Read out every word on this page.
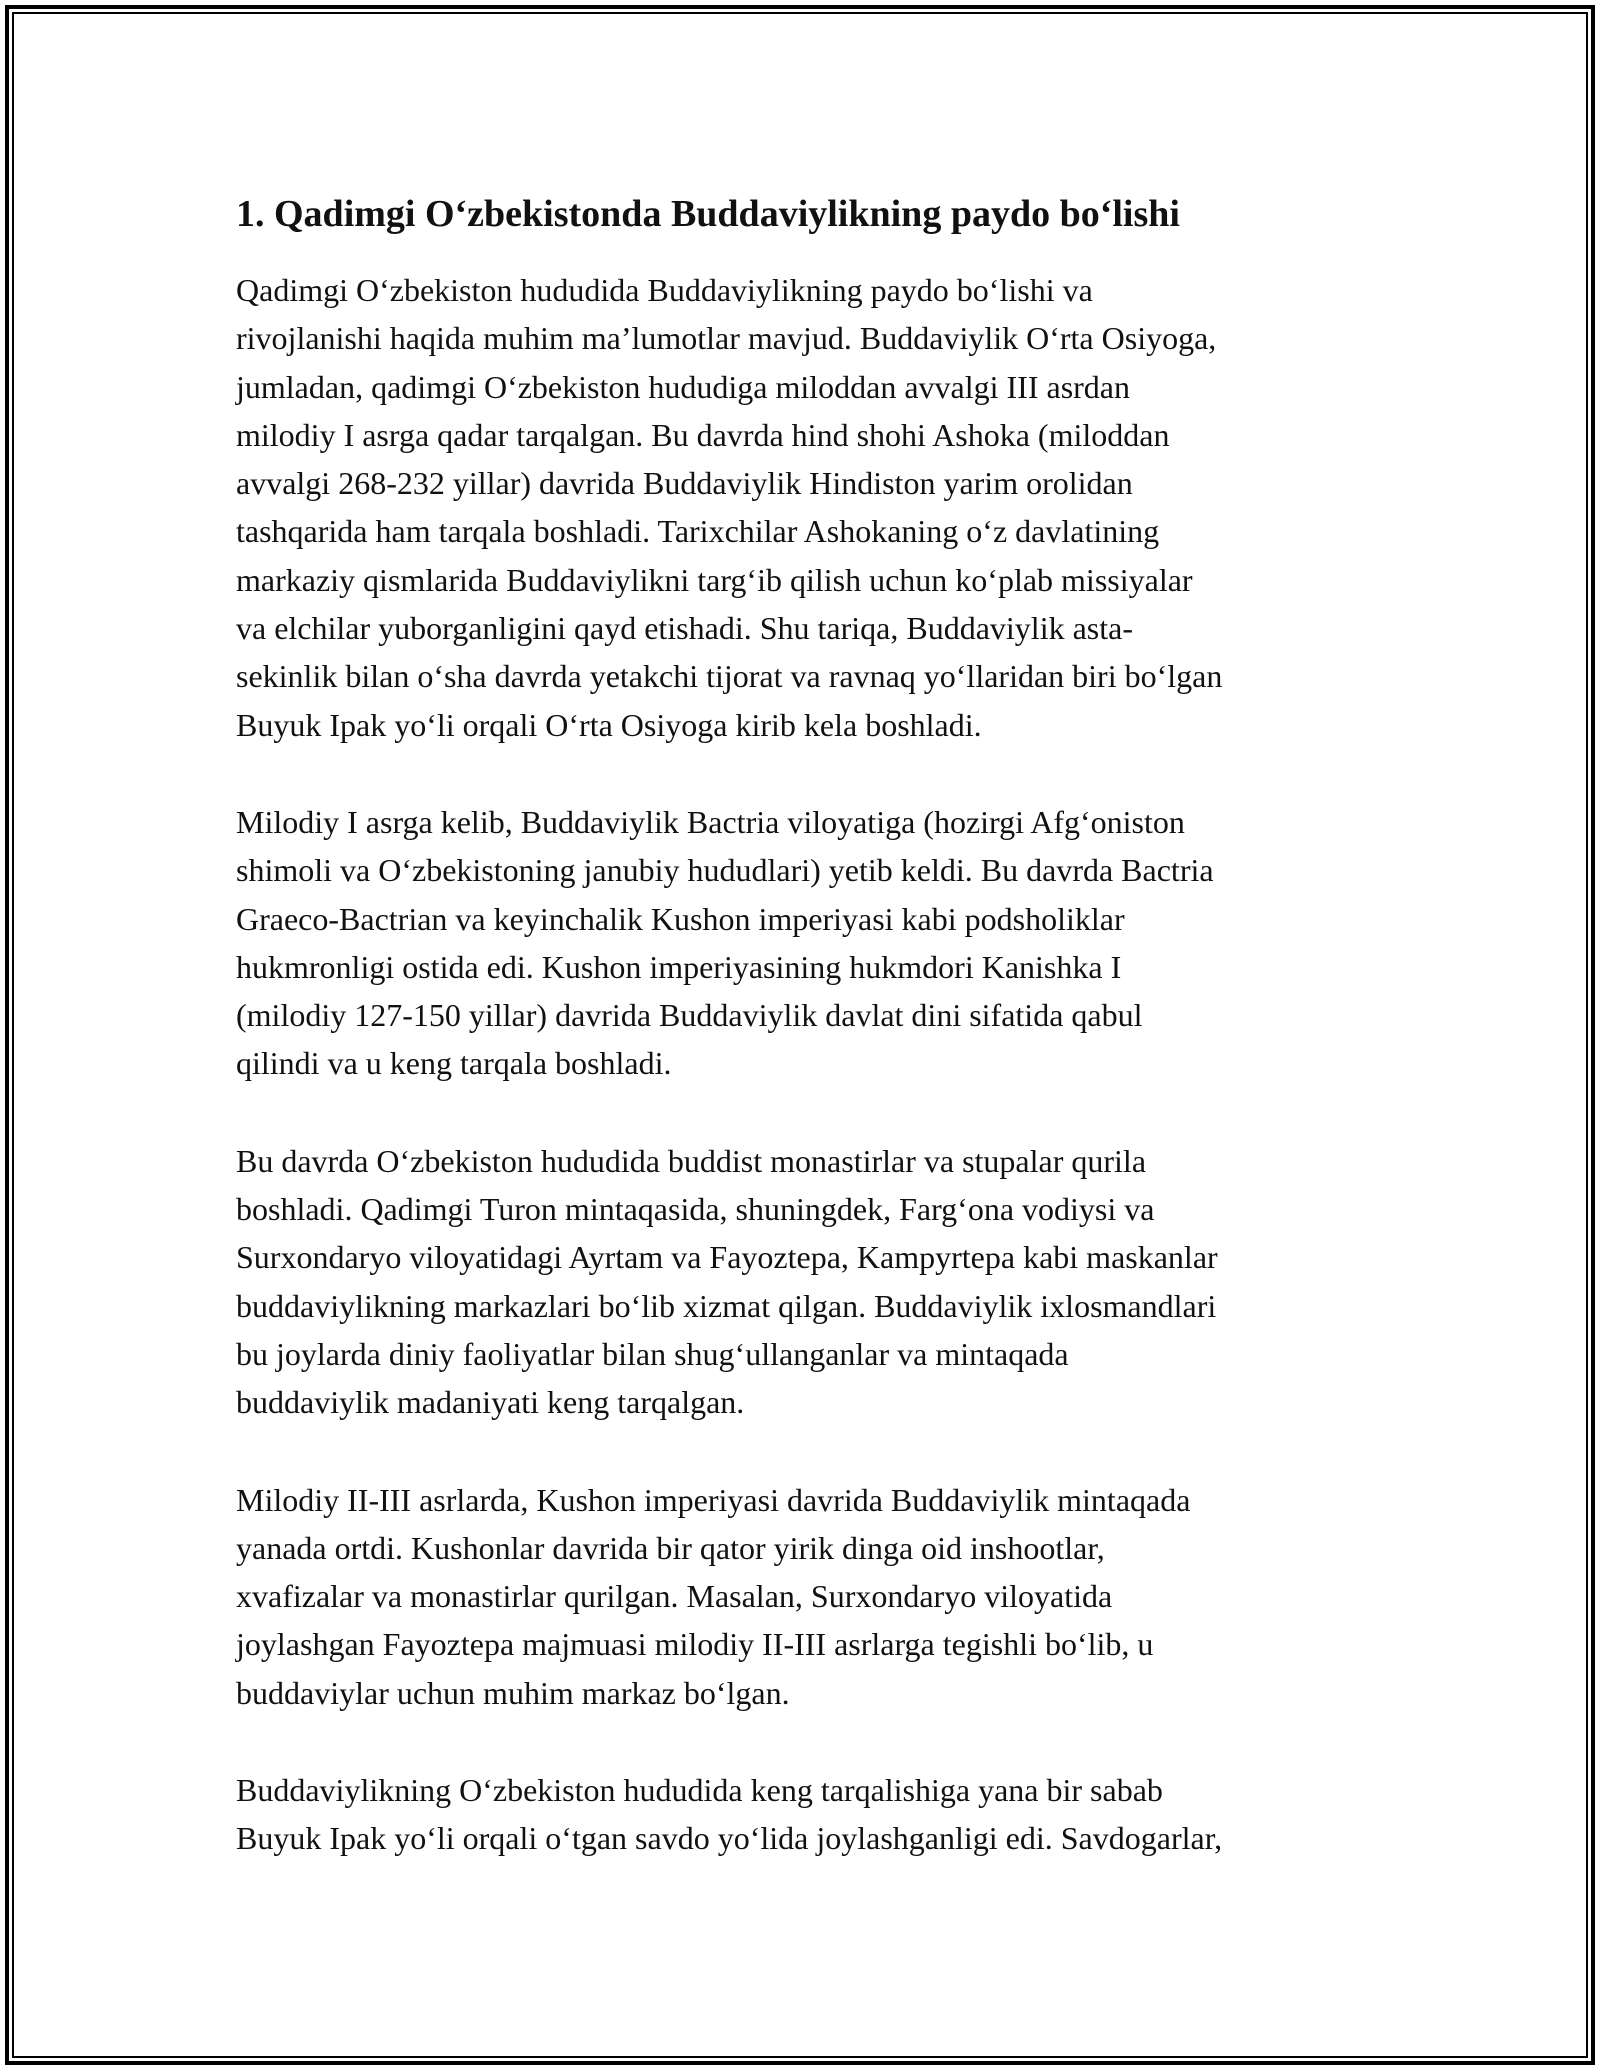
1. Qadimgi O‘zbekistonda Buddaviylikning paydo bo‘lishi

Qadimgi O‘zbekiston hududida Buddaviylikning paydo bo‘lishi va
rivojlanishi haqida muhim ma’lumotlar mavjud. Buddaviylik O‘rta Osiyoga,
jumladan, qadimgi O‘zbekiston hududiga miloddan avvalgi III asrdan
milodiy I asrga qadar tarqalgan. Bu davrda hind shohi Ashoka (miloddan
avvalgi 268-232 yillar) davrida Buddaviylik Hindiston yarim orolidan
tashqarida ham tarqala boshladi. Tarixchilar Ashokaning o‘z davlatining
markaziy qismlarida Buddaviylikni targ‘ib qilish uchun ko‘plab missiyalar
va elchilar yuborganligini qayd etishadi. Shu tariqa, Buddaviylik asta-
sekinlik bilan o‘sha davrda yetakchi tijorat va ravnaq yo‘llaridan biri bo‘lgan
Buyuk Ipak yo‘li orqali O‘rta Osiyoga kirib kela boshladi.

Milodiy I asrga kelib, Buddaviylik Bactria viloyatiga (hozirgi Afg‘oniston
shimoli va O‘zbekistoning janubiy hududlari) yetib keldi. Bu davrda Bactria
Graeco-Bactrian va keyinchalik Kushon imperiyasi kabi podsholiklar
hukmronligi ostida edi. Kushon imperiyasining hukmdori Kanishka I
(milodiy 127-150 yillar) davrida Buddaviylik davlat dini sifatida qabul
qilindi va u keng tarqala boshladi.

Bu davrda O‘zbekiston hududida buddist monastirlar va stupalar qurila
boshladi. Qadimgi Turon mintaqasida, shuningdek, Farg‘ona vodiysi va
Surxondaryo viloyatidagi Ayrtam va Fayoztepa, Kampyrtepa kabi maskanlar
buddaviylikning markazlari bo‘lib xizmat qilgan. Buddaviylik ixlosmandlari
bu joylarda diniy faoliyatlar bilan shug‘ullanganlar va mintaqada
buddaviylik madaniyati keng tarqalgan.

Milodiy II-III asrlarda, Kushon imperiyasi davrida Buddaviylik mintaqada
yanada ortdi. Kushonlar davrida bir qator yirik dinga oid inshootlar,
xvafizalar va monastirlar qurilgan. Masalan, Surxondaryo viloyatida
joylashgan Fayoztepa majmuasi milodiy II-III asrlarga tegishli bo‘lib, u
buddaviylar uchun muhim markaz bo‘lgan.

Buddaviylikning O‘zbekiston hududida keng tarqalishiga yana bir sabab
Buyuk Ipak yo‘li orqali o‘tgan savdo yo‘lida joylashganligi edi. Savdogarlar,
